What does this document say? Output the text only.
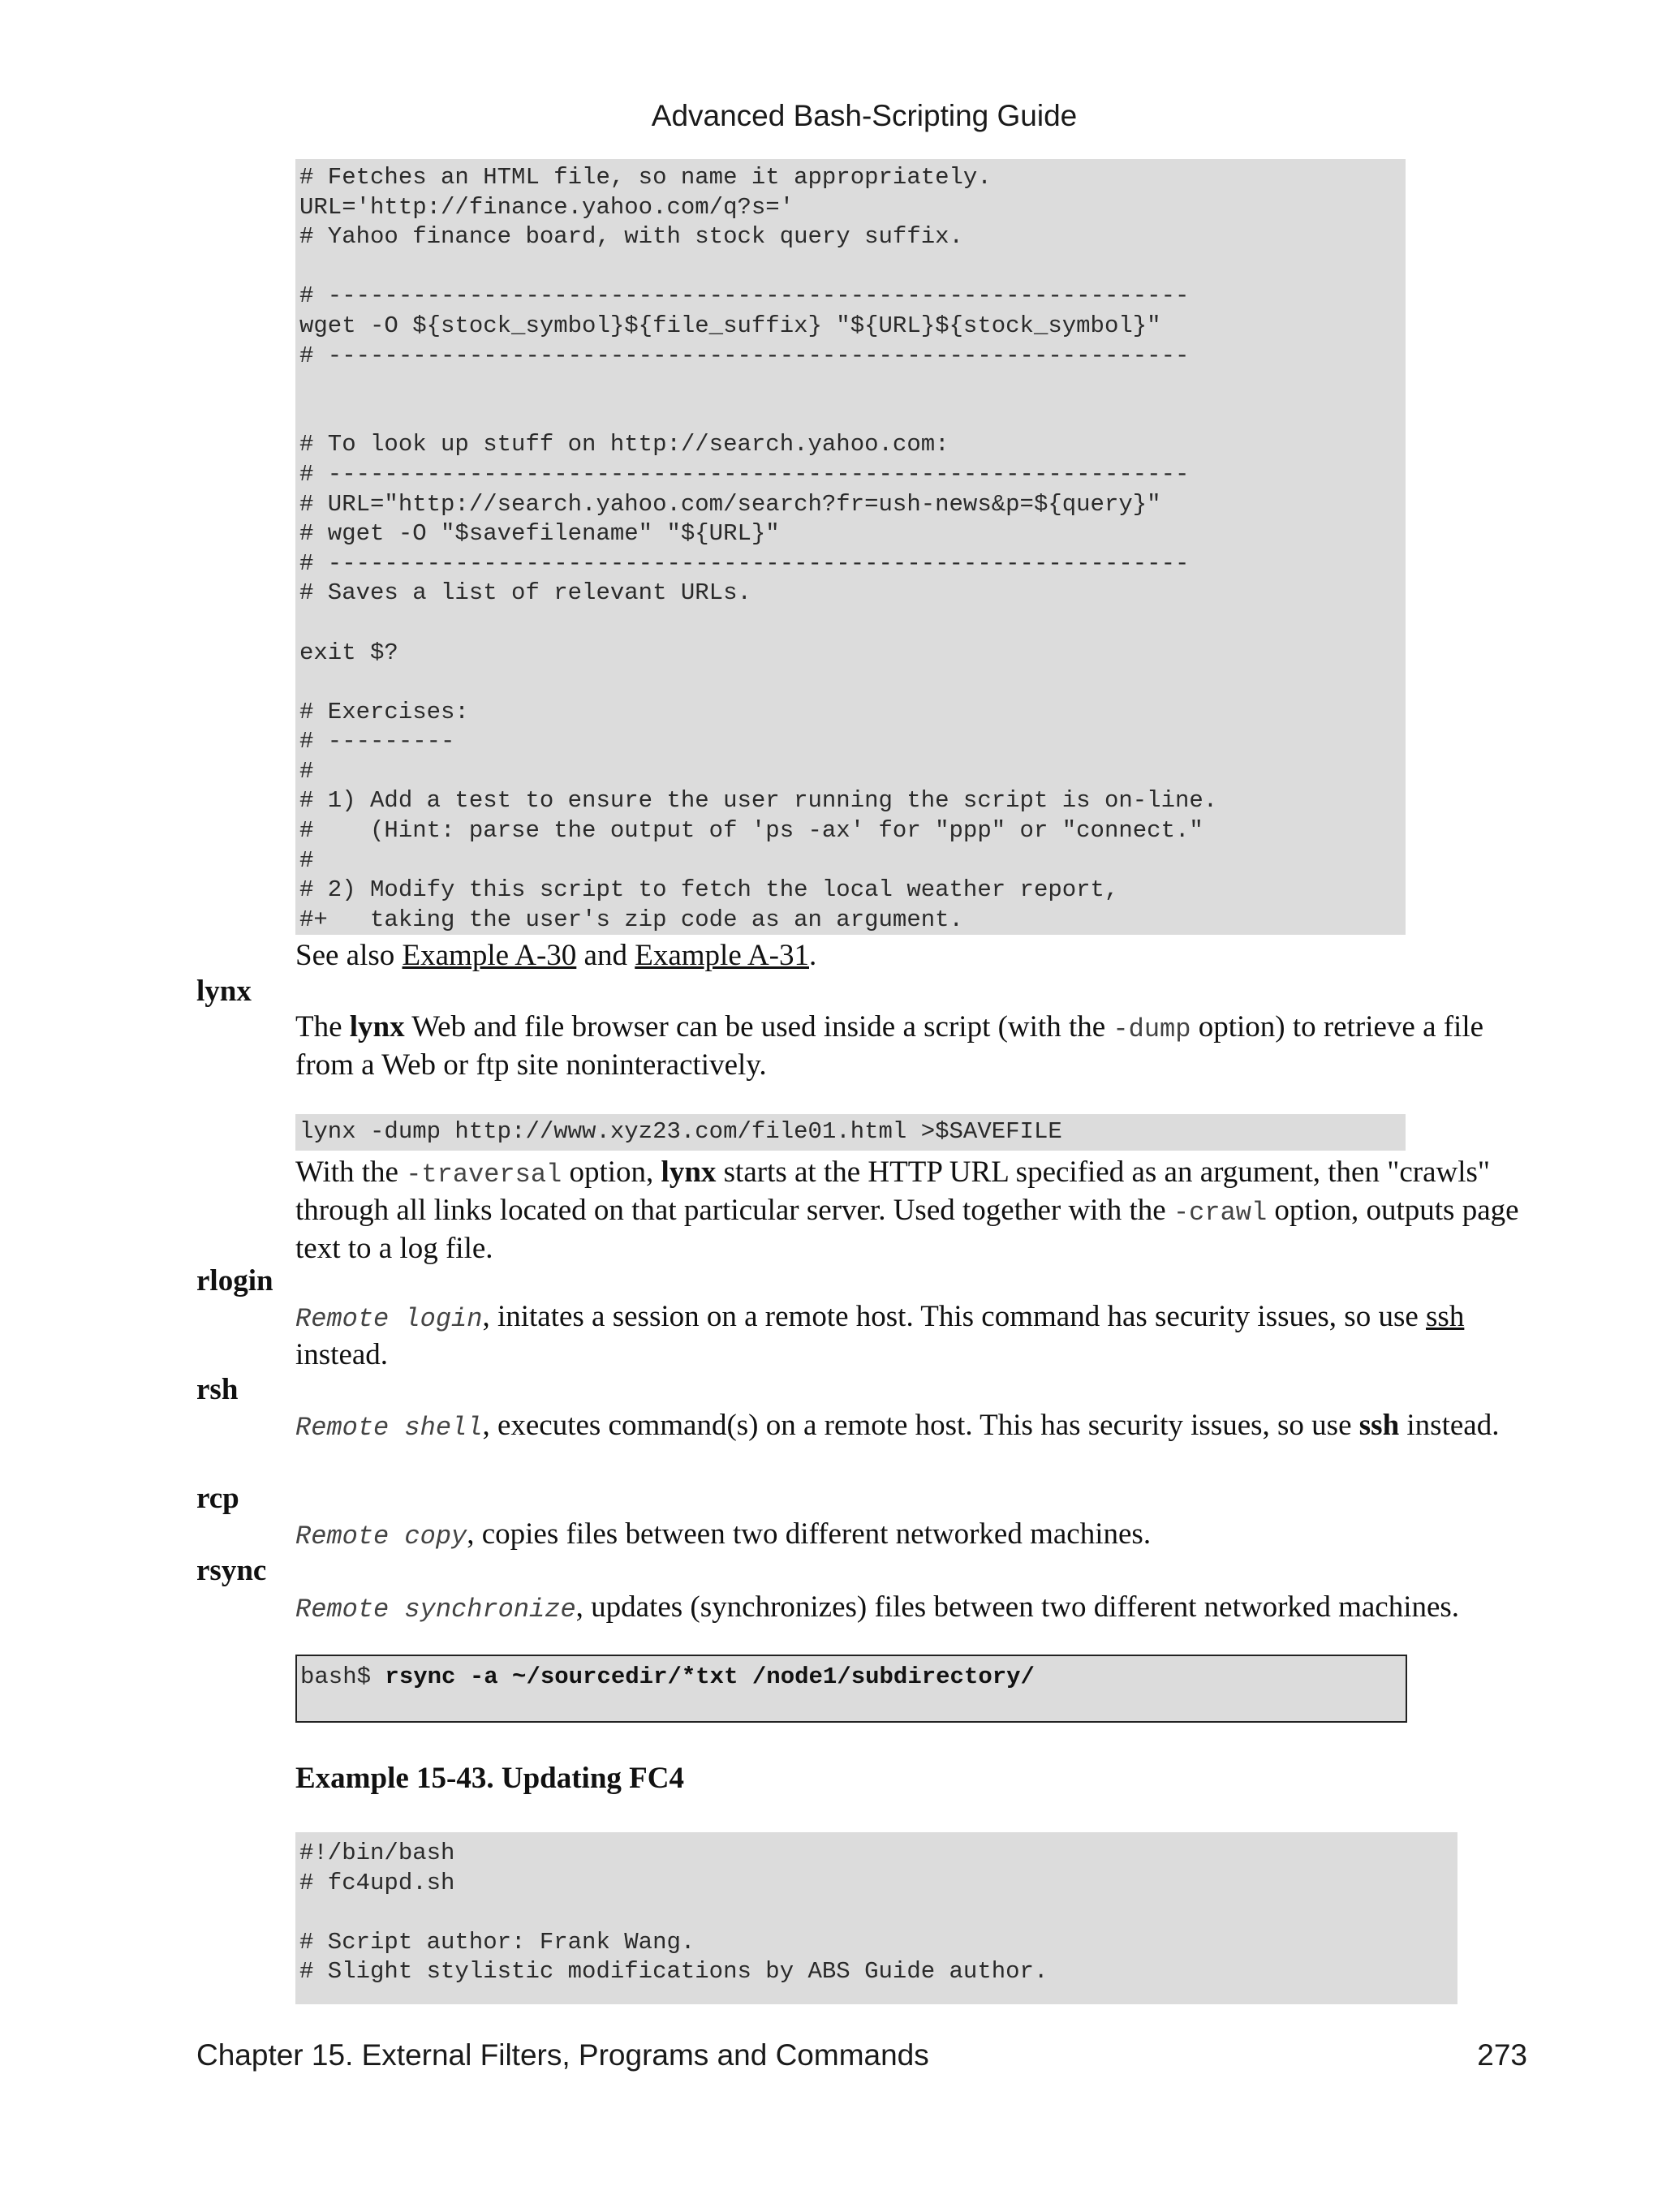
Advanced Bash-Scripting Guide
# Fetches an HTML file, so name it appropriately.
URL='http://finance.yahoo.com/q?s='
# Yahoo finance board, with stock query suffix.

# -------------------------------------------------------------
wget -O ${stock_symbol}${file_suffix} "${URL}${stock_symbol}"
# -------------------------------------------------------------

# To look up stuff on http://search.yahoo.com:
# -------------------------------------------------------------
# URL="http://search.yahoo.com/search?fr=ush-news&p=${query}"
# wget -O "$savefilename" "${URL}"
# -------------------------------------------------------------
# Saves a list of relevant URLs.

exit $?

# Exercises:
# ---------
#
# 1) Add a test to ensure the user running the script is on-line.
#    (Hint: parse the output of 'ps -ax' for "ppp" or "connect."
#
# 2) Modify this script to fetch the local weather report,
#+   taking the user's zip code as an argument.
See also Example A-30 and Example A-31.
lynx
The lynx Web and file browser can be used inside a script (with the -dump option) to retrieve a file from a Web or ftp site noninteractively.
lynx -dump http://www.xyz23.com/file01.html >$SAVEFILE
With the -traversal option, lynx starts at the HTTP URL specified as an argument, then "crawls" through all links located on that particular server. Used together with the -crawl option, outputs page text to a log file.
rlogin
Remote login, initates a session on a remote host. This command has security issues, so use ssh instead.
rsh
Remote shell, executes command(s) on a remote host. This has security issues, so use ssh instead.
rcp
Remote copy, copies files between two different networked machines.
rsync
Remote synchronize, updates (synchronizes) files between two different networked machines.
bash$ rsync -a ~/sourcedir/*txt /node1/subdirectory/
Example 15-43. Updating FC4
#!/bin/bash
# fc4upd.sh

# Script author: Frank Wang.
# Slight stylistic modifications by ABS Guide author.
Chapter 15. External Filters, Programs and Commands	273
